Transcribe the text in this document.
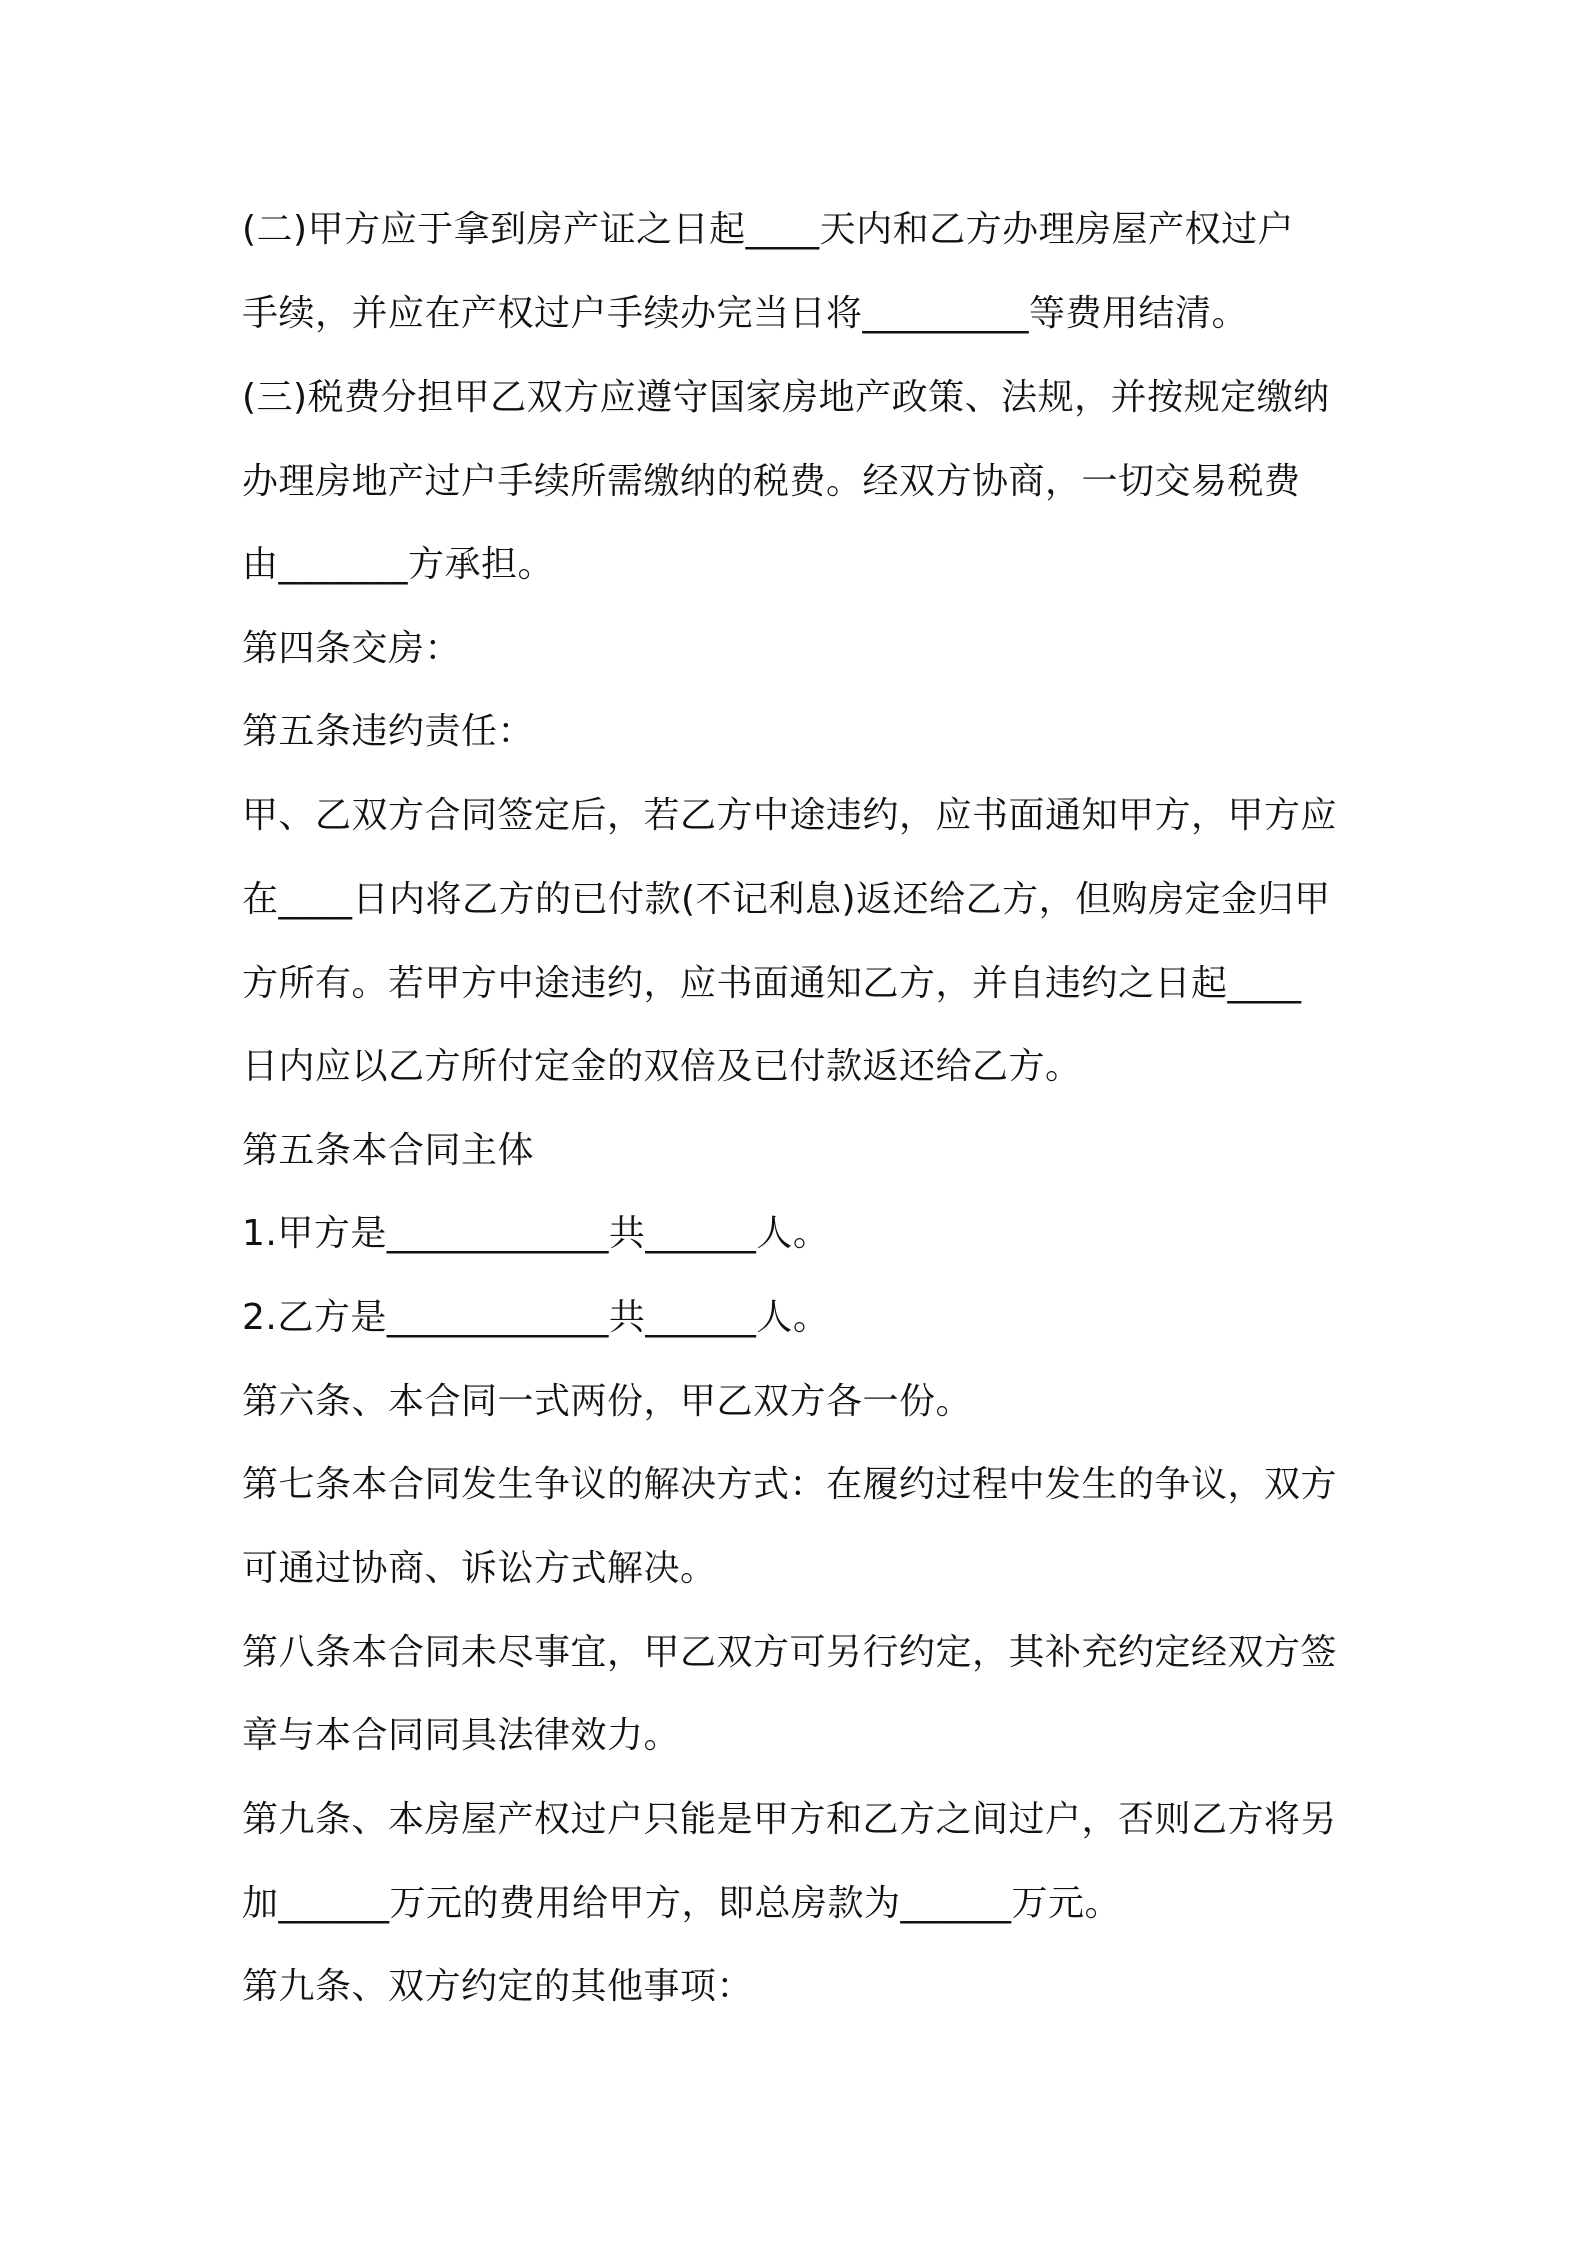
(二)甲方应于拿到房产证之日起____天内和乙方办理房屋产权过户
手续，并应在产权过户手续办完当日将_________等费用结清。
(三)税费分担甲乙双方应遵守国家房地产政策、法规，并按规定缴纳
办理房地产过户手续所需缴纳的税费。经双方协商，一切交易税费
由_______方承担。
第四条交房：
第五条违约责任：
甲、乙双方合同签定后，若乙方中途违约，应书面通知甲方，甲方应
在____日内将乙方的已付款(不记利息)返还给乙方，但购房定金归甲
方所有。若甲方中途违约，应书面通知乙方，并自违约之日起____
日内应以乙方所付定金的双倍及已付款返还给乙方。
第五条本合同主体
1.甲方是____________共______人。
2.乙方是____________共______人。
第六条、本合同一式两份，甲乙双方各一份。
第七条本合同发生争议的解决方式：在履约过程中发生的争议，双方
可通过协商、诉讼方式解决。
第八条本合同未尽事宜，甲乙双方可另行约定，其补充约定经双方签
章与本合同同具法律效力。
第九条、本房屋产权过户只能是甲方和乙方之间过户，否则乙方将另
加______万元的费用给甲方，即总房款为______万元。
第九条、双方约定的其他事项：
